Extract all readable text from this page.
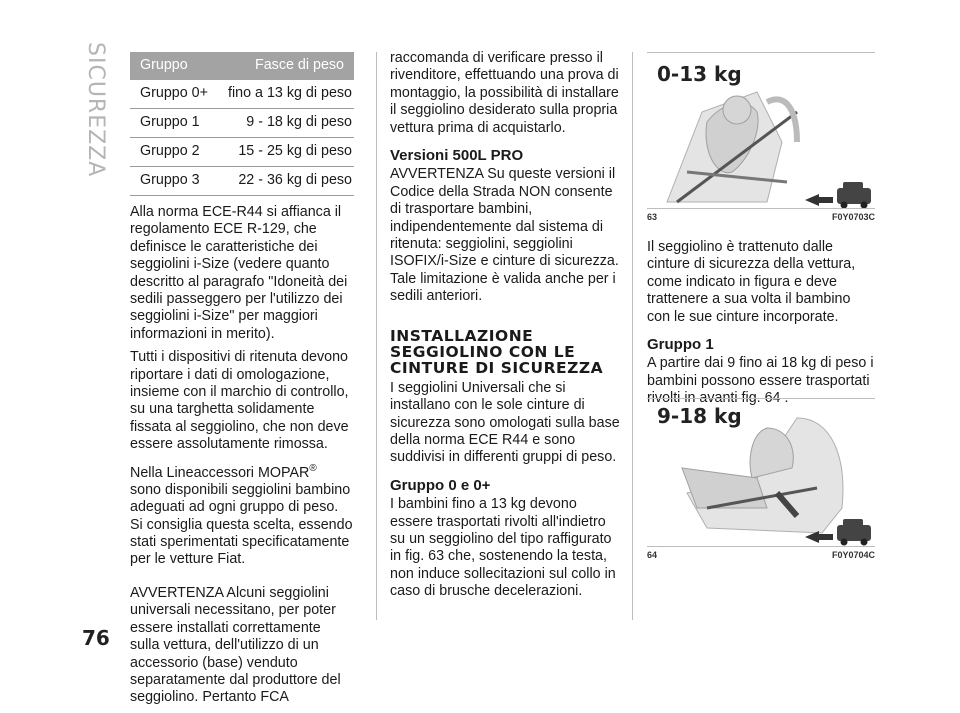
SICUREZZA
76
Gruppo	Fasce di peso
Gruppo 0+ fino a 13 kg di peso
Gruppo 1	9 - 18 kg di peso
Gruppo 2	15 - 25 kg di peso
Gruppo 3	22 - 36 kg di peso

Alla norma ECE-R44 si affianca il regolamento ECE R-129, che definisce le caratteristiche dei seggiolini i-Size (vedere quanto descritto al paragrafo "Idoneità dei sedili passeggero per l'utilizzo dei seggiolini i-Size" per maggiori informazioni in merito).

Tutti i dispositivi di ritenuta devono riportare i dati di omologazione, insieme con il marchio di controllo, su una targhetta solidamente fissata al seggiolino, che non deve essere assolutamente rimossa.

Nella Lineaccessori MOPAR®
sono disponibili seggiolini bambino adeguati ad ogni gruppo di peso. Si consiglia questa scelta, essendo stati sperimentati specificatamente per le vetture Fiat.

AVVERTENZA Alcuni seggiolini universali necessitano, per poter essere installati correttamente sulla vettura, dell'utilizzo di un accessorio (base) venduto separatamente dal produttore del seggiolino. Pertanto FCA

raccomanda di verificare presso il rivenditore, effettuando una prova di montaggio, la possibilità di installare il seggiolino desiderato sulla propria vettura prima di acquistarlo.

Versioni 500L PRO

AVVERTENZA Su queste versioni il Codice della Strada NON consente di trasportare bambini, indipendentemente dal sistema di ritenuta: seggiolini, seggiolini ISOFIX/i-Size e cinture di sicurezza. Tale limitazione è valida anche per i sedili anteriori.

INSTALLAZIONE SEGGIOLINO CON LE CINTURE DI SICUREZZA

I seggiolini Universali che si installano con le sole cinture di sicurezza sono omologati sulla base della norma ECE R44 e sono suddivisi in differenti gruppi di peso.

Gruppo 0 e 0+

I bambini fino a 13 kg devono essere trasportati rivolti all'indietro su un seggiolino del tipo raffigurato in fig. 63 che, sostenendo la testa, non induce sollecitazioni sul collo in caso di brusche decelerazioni.

0-13 kg
63	F0Y0703C

Il seggiolino è trattenuto dalle cinture di sicurezza della vettura, come indicato in figura e deve trattenere a sua volta il bambino con le sue cinture incorporate.

Gruppo 1

A partire dai 9 fino ai 18 kg di peso i bambini possono essere trasportati rivolti in avanti fig. 64 .

9-18 kg
64	F0Y0704C
